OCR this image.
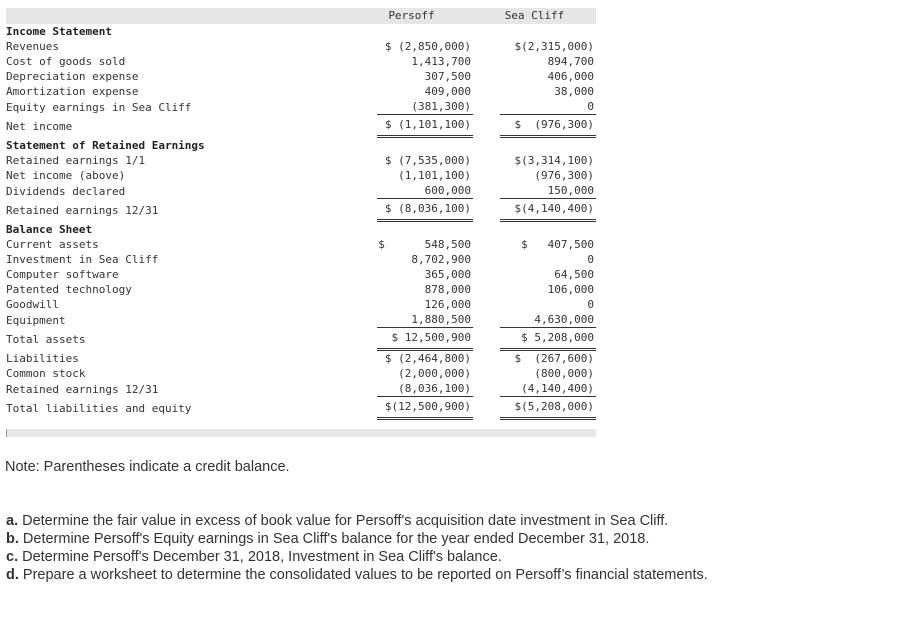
	Persoff	Sea Cliff
Income Statement		
Revenues	$ (2,850,000)	$(2,315,000)
Cost of goods sold	1,413,700	894,700
Depreciation expense	307,500	406,000
Amortization expense	409,000	38,000
Equity earnings in Sea Cliff	(381,300)	0
Net income	$ (1,101,100)	$  (976,300)
Statement of Retained Earnings		
Retained earnings 1/1	$ (7,535,000)	$(3,314,100)
Net income (above)	(1,101,100)	(976,300)
Dividends declared	600,000	150,000
Retained earnings 12/31	$ (8,036,100)	$(4,140,400)
Balance Sheet		
Current assets	$      548,500	$   407,500
Investment in Sea Cliff	8,702,900	0
Computer software	365,000	64,500
Patented technology	878,000	106,000
Goodwill	126,000	0
Equipment	1,880,500	4,630,000
Total assets	$ 12,500,900	$ 5,208,000
Liabilities	$ (2,464,800)	$  (267,600)
Common stock	(2,000,000)	(800,000)
Retained earnings 12/31	(8,036,100)	(4,140,400)
Total liabilities and equity	$(12,500,900)	$(5,208,000)
Note: Parentheses indicate a credit balance.
a. Determine the fair value in excess of book value for Persoff's acquisition date investment in Sea Cliff.
b. Determine Persoff's Equity earnings in Sea Cliff's balance for the year ended December 31, 2018.
c. Determine Persoff's December 31, 2018, Investment in Sea Cliff's balance.
d. Prepare a worksheet to determine the consolidated values to be reported on Persoff’s financial statements.
